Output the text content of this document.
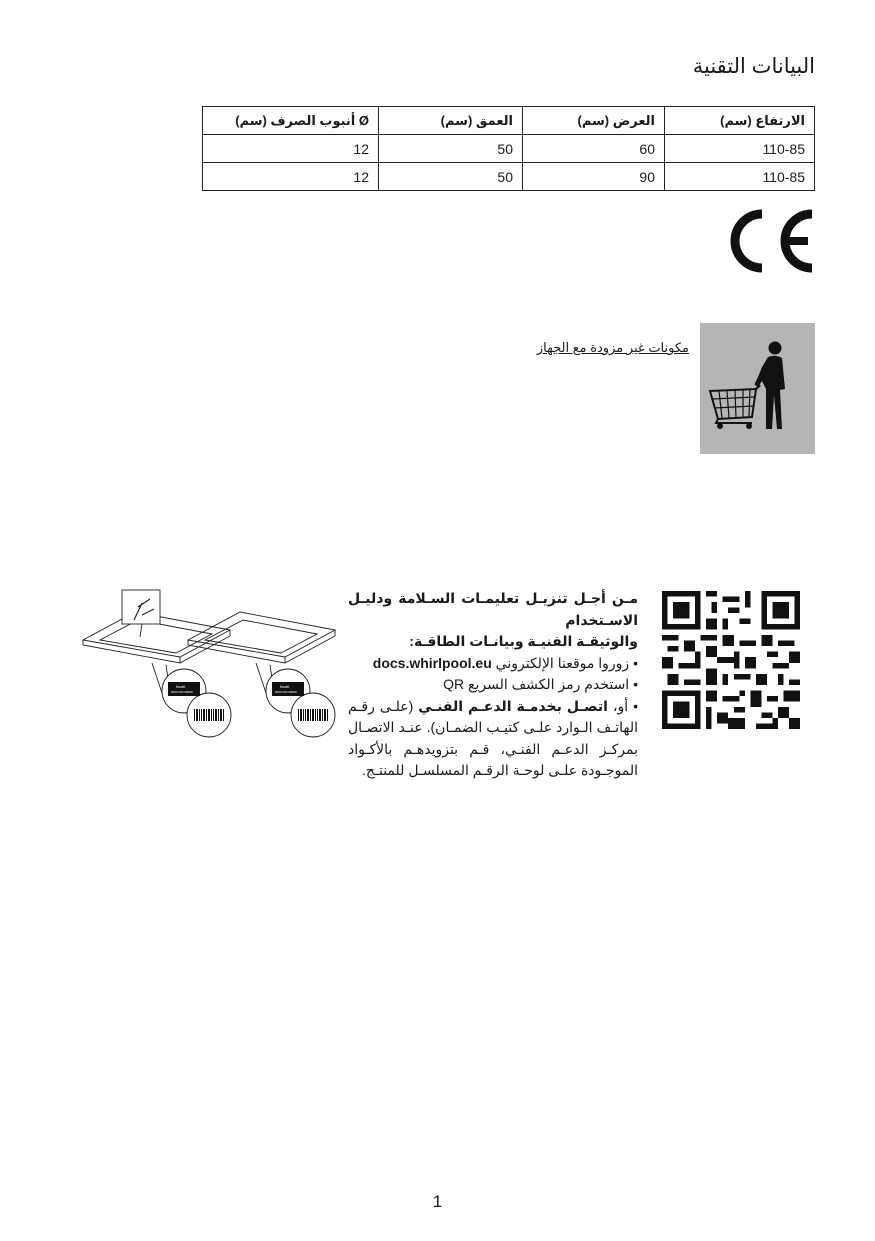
البيانات التقنية
الارتفاع (سم)	العرض (سم)	العمق (سم)	Ø أنبوب الصرف (سم)
110-85	60	50	12
110-85	90	50	12
مكونات غير مزودة مع الجهاز

مـن أجـل تنزيـل تعليمـات السـلامة ودليـل الاسـتخدام

والوثيقـة الفنيـة وبيانـات الطاقـة:

• زوروا موقعنا الإلكتروني docs.whirlpool.eu

• استخدم رمز الكشف السريع QR

• أو، اتصـل بخدمـة الدعـم الفنـي (علـى رقـم الهاتـف الـوارد علـى كتيـب الضمـان). عنـد الاتصـال بمركـز الدعـم الفنـي، قـم بتزويدهـم بالأكـواد الموجـودة علـى لوحـة الرقـم المسلسـل للمنتـج.

Model
0000 000 00000
Model
0000 000 00000
1
